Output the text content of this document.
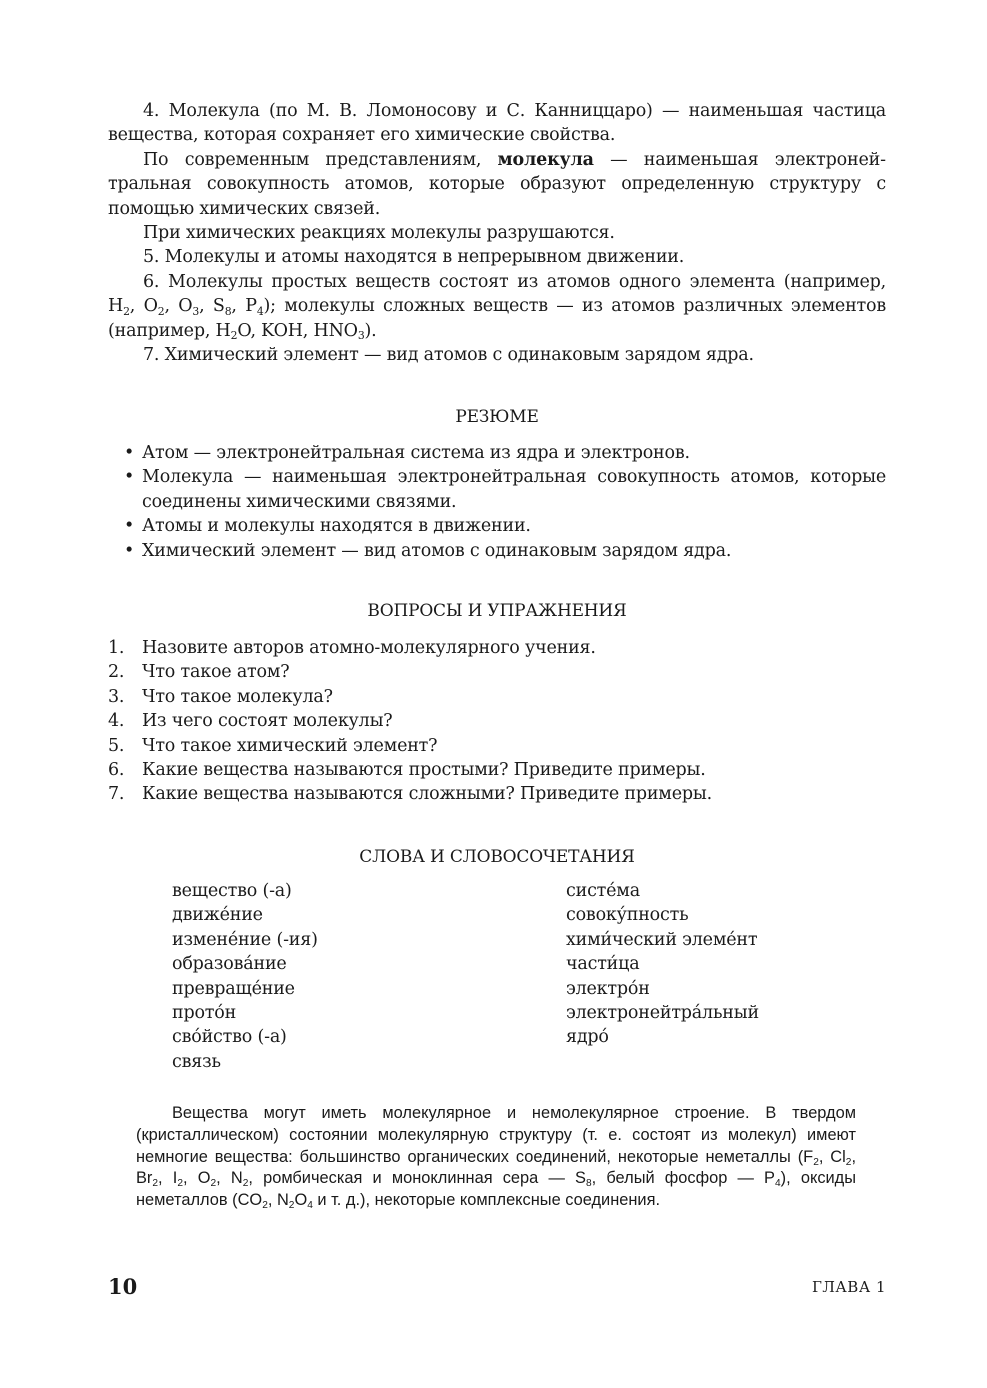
4. Молекула (по М. В. Ломоносову и С. Канниццаро) — наименьшая частица вещества, которая сохраняет его химические свойства.

По современным представлениям, молекула — наименьшая электронейтральная совокупность атомов, которые образуют определенную структуру с помощью химических связей.

При химических реакциях молекулы разрушаются.

5. Молекулы и атомы находятся в непрерывном движении.

6. Молекулы простых веществ состоят из атомов одного элемента (например, H2, O2, O3, S8, P4); молекулы сложных веществ — из атомов различных элементов (например, H2O, KOH, HNO3).

7. Химический элемент — вид атомов с одинаковым зарядом ядра.

РЕЗЮМЕ
• Атом — электронейтральная система из ядра и электронов.
• Молекула — наименьшая электронейтральная совокупность атомов, которые соединены химическими связями.
• Атомы и молекулы находятся в движении.
• Химический элемент — вид атомов с одинаковым зарядом ядра.
ВОПРОСЫ И УПРАЖНЕНИЯ
1. Назовите авторов атомно-молекулярного учения.
2. Что такое атом?
3. Что такое молекула?
4. Из чего состоят молекулы?
5. Что такое химический элемент?
6. Какие вещества называются простыми? Приведите примеры.
7. Какие вещества называются сложными? Приведите примеры.
СЛОВА И СЛОВОСОЧЕТАНИЯ
вещество (-а)
движе́ние
измене́ние (-ия)
образова́ние
превраще́ние
прото́н
сво́йство (-а)
связь
систе́ма
совоку́пность
хими́ческий элеме́нт
части́ца
электро́н
электронейтра́льный
ядро́

Вещества могут иметь молекулярное и немолекулярное строение. В твердом (кристаллическом) состоянии молекулярную структуру (т. е. состоят из молекул) имеют немногие вещества: большинство органических соединений, некоторые неметаллы (F2, Cl2, Br2, I2, O2, N2, ромбическая и моноклинная сера — S8, белый фосфор — P4), оксиды неметаллов (CO2, N2O4 и т. д.), некоторые комплексные соединения.

10	ГЛАВА 1
